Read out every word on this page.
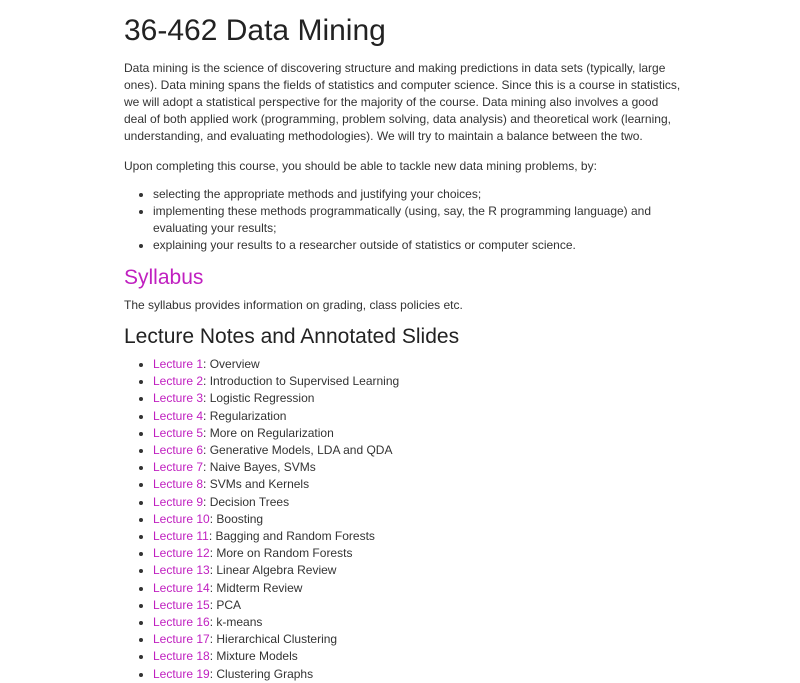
36-462 Data Mining

Data mining is the science of discovering structure and making predictions in data sets (typically, large ones). Data mining spans the fields of statistics and computer science. Since this is a course in statistics, we will adopt a statistical perspective for the majority of the course. Data mining also involves a good deal of both applied work (programming, problem solving, data analysis) and theoretical work (learning, understanding, and evaluating methodologies). We will try to maintain a balance between the two.

Upon completing this course, you should be able to tackle new data mining problems, by:

• selecting the appropriate methods and justifying your choices;
• implementing these methods programmatically (using, say, the R programming language) and evaluating your results;
• explaining your results to a researcher outside of statistics or computer science.
Syllabus

The syllabus provides information on grading, class policies etc.

Lecture Notes and Annotated Slides
• Lecture 1: Overview
• Lecture 2: Introduction to Supervised Learning
• Lecture 3: Logistic Regression
• Lecture 4: Regularization
• Lecture 5: More on Regularization
• Lecture 6: Generative Models, LDA and QDA
• Lecture 7: Naive Bayes, SVMs
• Lecture 8: SVMs and Kernels
• Lecture 9: Decision Trees
• Lecture 10: Boosting
• Lecture 11: Bagging and Random Forests
• Lecture 12: More on Random Forests
• Lecture 13: Linear Algebra Review
• Lecture 14: Midterm Review
• Lecture 15: PCA
• Lecture 16: k-means
• Lecture 17: Hierarchical Clustering
• Lecture 18: Mixture Models
• Lecture 19: Clustering Graphs
